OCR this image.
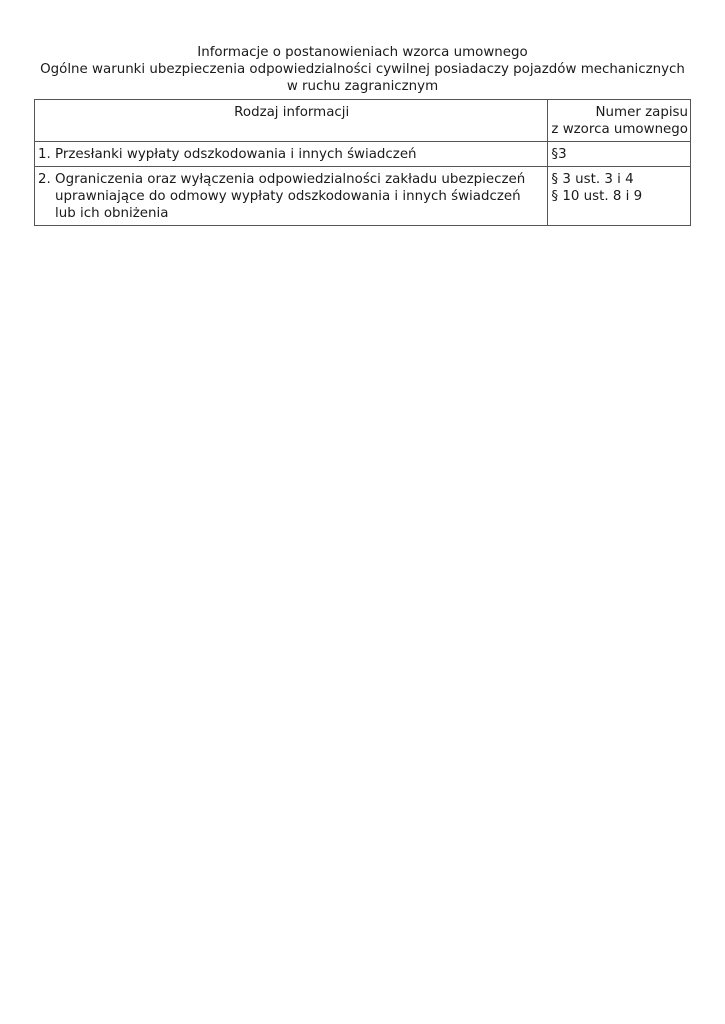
Informacje o postanowieniach wzorca umownego
Ogólne warunki ubezpieczenia odpowiedzialności cywilnej posiadaczy pojazdów mechanicznych
w ruchu zagranicznym
Rodzaj informacji	Numer zapisu
z wzorca umownego

1.
Przesłanki wypłaty odszkodowania i innych świadczeń	§3

2.
Ograniczenia oraz wyłączenia odpowiedzialności zakładu ubezpieczeń
uprawniające do odmowy wypłaty odszkodowania i innych świadczeń
lub ich obniżenia	§ 3 ust. 3 i 4
§ 10 ust. 8 i 9
